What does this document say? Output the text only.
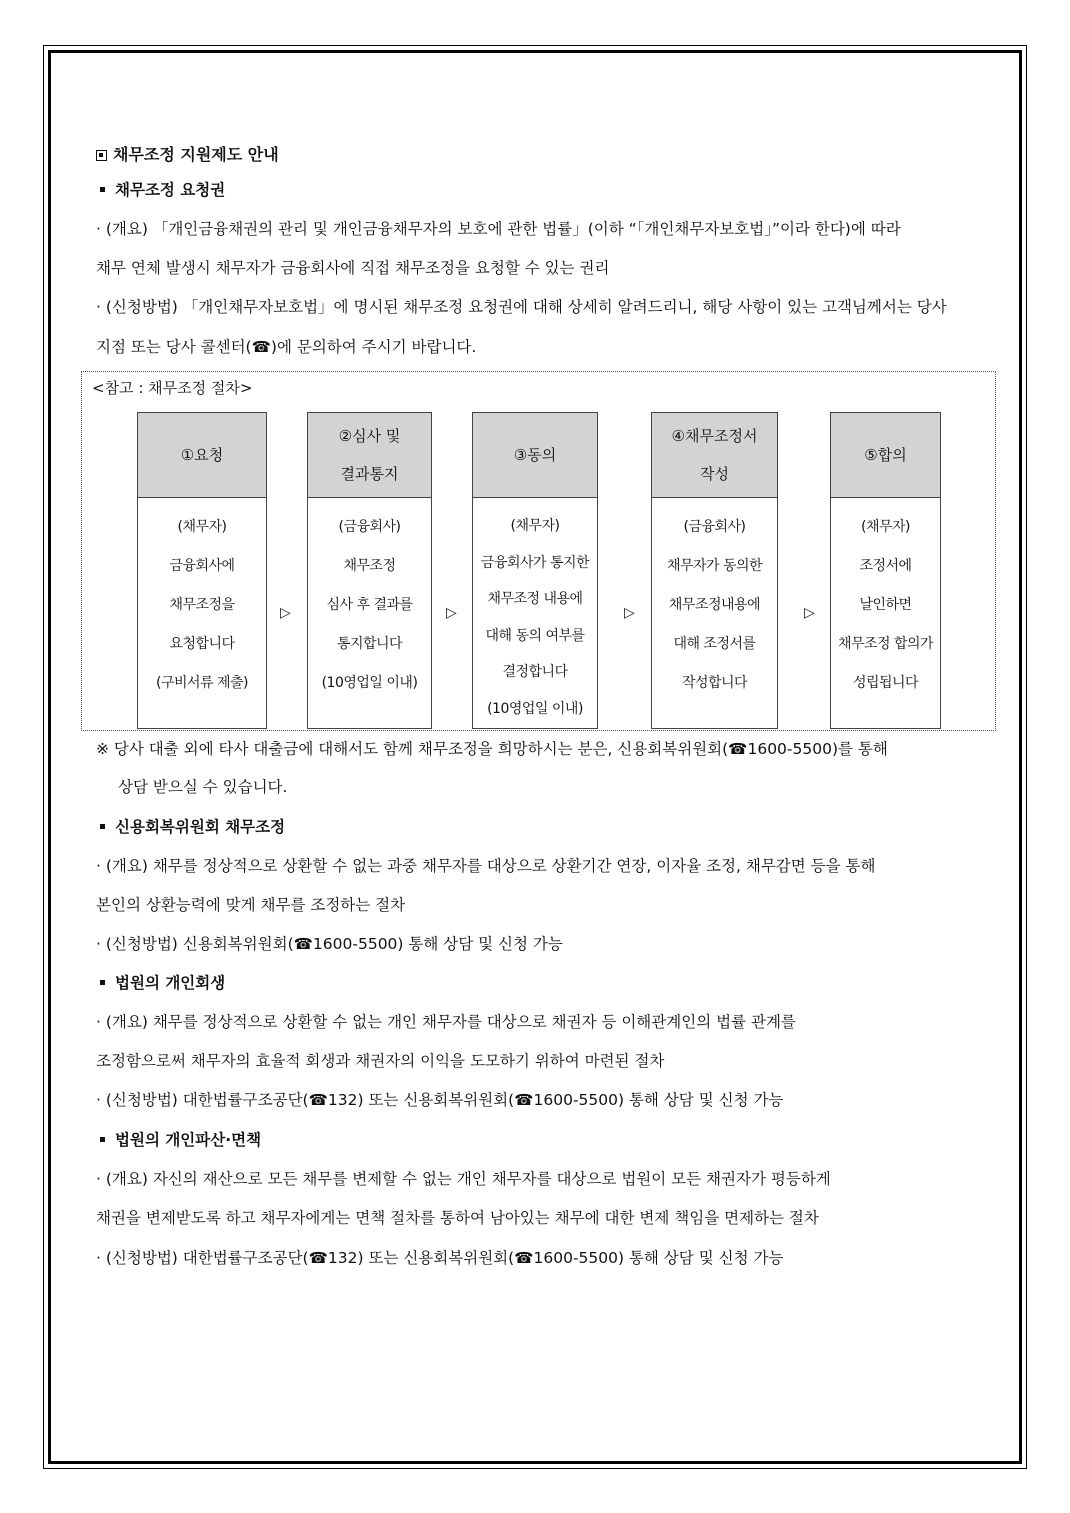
채무조정 지원제도 안내
채무조정 요청권
· (개요) 「개인금융채권의 관리 및 개인금융채무자의 보호에 관한 법률」(이하 “「개인채무자보호법」”이라 한다)에 따라
채무 연체 발생시 채무자가 금융회사에 직접 채무조정을 요청할 수 있는 권리
· (신청방법) 「개인채무자보호법」에 명시된 채무조정 요청권에 대해 상세히 알려드리니, 해당 사항이 있는 고객님께서는 당사
지점 또는 당사 콜센터(☎)에 문의하여 주시기 바랍니다.
<참고 : 채무조정 절차>
①요청
(채무자)
금융회사에
채무조정을
요청합니다
(구비서류 제출)
▷
②심사 및
결과통지
(금융회사)
채무조정
심사 후 결과를
통지합니다
(10영업일 이내)
▷
③동의
(채무자)
금융회사가 통지한
채무조정 내용에
대해 동의 여부를
결정합니다
(10영업일 이내)
▷
④채무조정서
작성
(금융회사)
채무자가 동의한
채무조정내용에
대해 조정서를
작성합니다
▷
⑤합의
(채무자)
조정서에
날인하면
채무조정 합의가
성립됩니다
※ 당사 대출 외에 타사 대출금에 대해서도 함께 채무조정을 희망하시는 분은, 신용회복위원회(☎1600-5500)를 통해
상담 받으실 수 있습니다.
신용회복위원회 채무조정
· (개요) 채무를 정상적으로 상환할 수 없는 과중 채무자를 대상으로 상환기간 연장, 이자율 조정, 채무감면 등을 통해
본인의 상환능력에 맞게 채무를 조정하는 절차
· (신청방법) 신용회복위원회(☎1600-5500) 통해 상담 및 신청 가능
법원의 개인회생
· (개요) 채무를 정상적으로 상환할 수 없는 개인 채무자를 대상으로 채권자 등 이해관계인의 법률 관계를
조정함으로써 채무자의 효율적 회생과 채권자의 이익을 도모하기 위하여 마련된 절차
· (신청방법) 대한법률구조공단(☎132) 또는 신용회복위원회(☎1600-5500) 통해 상담 및 신청 가능
법원의 개인파산·면책
· (개요) 자신의 재산으로 모든 채무를 변제할 수 없는 개인 채무자를 대상으로 법원이 모든 채권자가 평등하게
채권을 변제받도록 하고 채무자에게는 면책 절차를 통하여 남아있는 채무에 대한 변제 책임을 면제하는 절차
· (신청방법) 대한법률구조공단(☎132) 또는 신용회복위원회(☎1600-5500) 통해 상담 및 신청 가능
